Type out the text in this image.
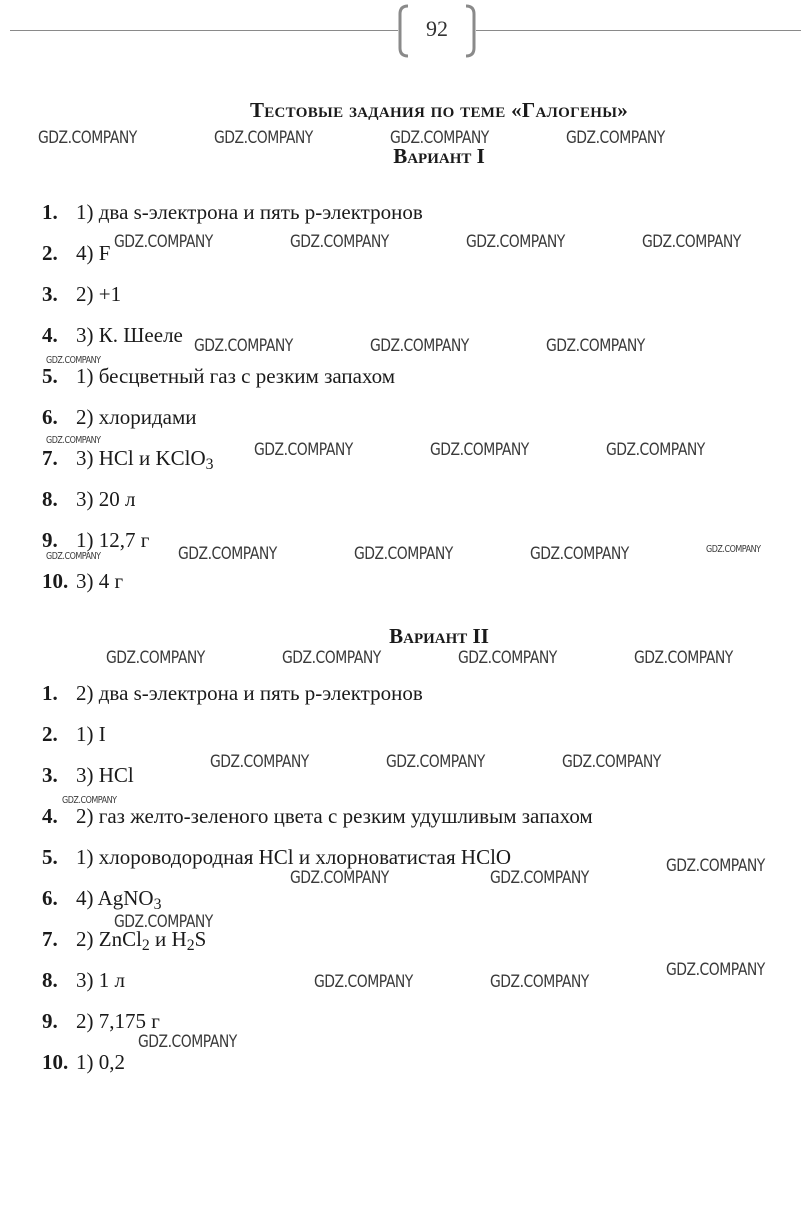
92
Тестовые задания по теме «Галогены»
Вариант I
1. 1) два s-электрона и пять p-электронов
2. 4) F
3. 2) +1
4. 3) К. Шееле
5. 1) бесцветный газ с резким запахом
6. 2) хлоридами
7. 3) HCl и KClO$_3$
8. 3) 20 л
9. 1) 12,7 г
10. 3) 4 г
Вариант II
1. 2) два s-электрона и пять p-электронов
2. 1) I
3. 3) HCl
4. 2) газ желто-зеленого цвета с резким удушливым запахом
5. 1) хлороводородная HCl и хлорноватистая HClO
6. 4) AgNO$_3$
7. 2) ZnCl$_2$ и $H_2S$
8. 3) 1 л
9. 2) 7,175 г
10. 1) 0,2
GDZ.COMPANY	GDZ.COMPANY	GDZ.COMPANY	GDZ.COMPANY
GDZ.COMPANY	GDZ.COMPANY	GDZ.COMPANY	GDZ.COMPANY
GDZ.COMPANY	GDZ.COMPANY	GDZ.COMPANY
GDZ.COMPANY
GDZ.COMPANY	GDZ.COMPANY	GDZ.COMPANY	GDZ.COMPANY
GDZ.COMPANY	GDZ.COMPANY	GDZ.COMPANY	GDZ.COMPANY
GDZ.COMPANY
GDZ.COMPANY	GDZ.COMPANY	GDZ.COMPANY	GDZ.COMPANY
GDZ.COMPANY	GDZ.COMPANY	GDZ.COMPANY
GDZ.COMPANY
GDZ.COMPANY
GDZ.COMPANY	GDZ.COMPANY
GDZ.COMPANY
GDZ.COMPANY
GDZ.COMPANY	GDZ.COMPANY
GDZ.COMPANY
